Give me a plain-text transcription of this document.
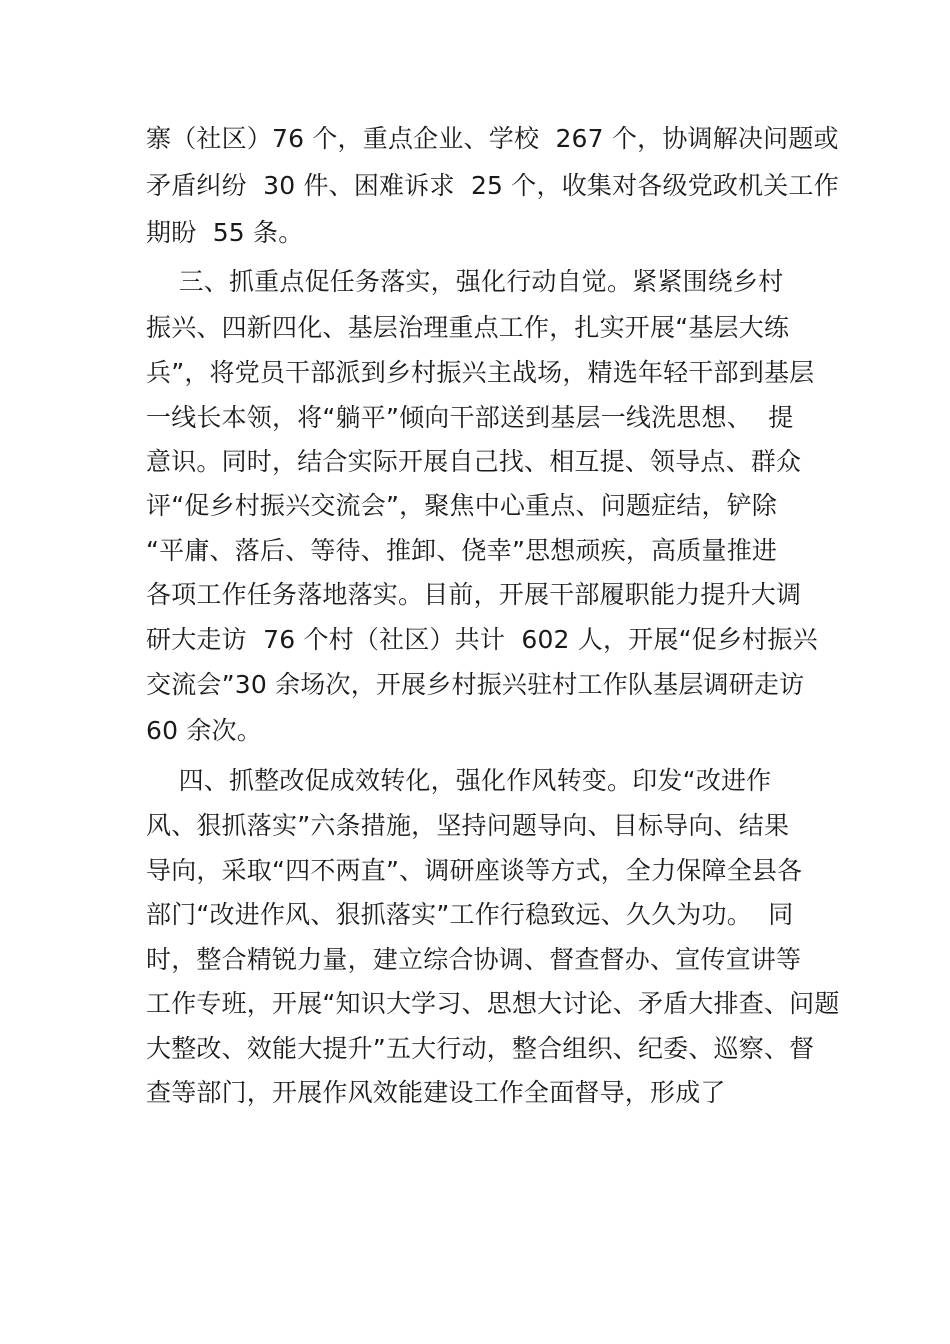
寨（社区）76 个，重点企业、学校  267 个，协调解决问题或
矛盾纠纷  30 件、困难诉求  25 个，收集对各级党政机关工作
期盼  55 条。
三、抓重点促任务落实，强化行动自觉。紧紧围绕乡村
振兴、四新四化、基层治理重点工作，扎实开展“基层大练
兵”，将党员干部派到乡村振兴主战场，精选年轻干部到基层
一线长本领，将“躺平”倾向干部送到基层一线洗思想、  提
意识。同时，结合实际开展自己找、相互提、领导点、群众
评“促乡村振兴交流会”，聚焦中心重点、问题症结，铲除
“平庸、落后、等待、推卸、侥幸”思想顽疾，高质量推进
各项工作任务落地落实。目前，开展干部履职能力提升大调
研大走访  76 个村（社区）共计  602 人，开展“促乡村振兴
交流会”30 余场次，开展乡村振兴驻村工作队基层调研走访
60 余次。
四、抓整改促成效转化，强化作风转变。印发“改进作
风、狠抓落实”六条措施，坚持问题导向、目标导向、结果
导向，采取“四不两直”、调研座谈等方式，全力保障全县各
部门“改进作风、狠抓落实”工作行稳致远、久久为功。  同
时，整合精锐力量，建立综合协调、督查督办、宣传宣讲等
工作专班，开展“知识大学习、思想大讨论、矛盾大排查、问题
大整改、效能大提升”五大行动，整合组织、纪委、巡察、督
查等部门，开展作风效能建设工作全面督导，形成了
